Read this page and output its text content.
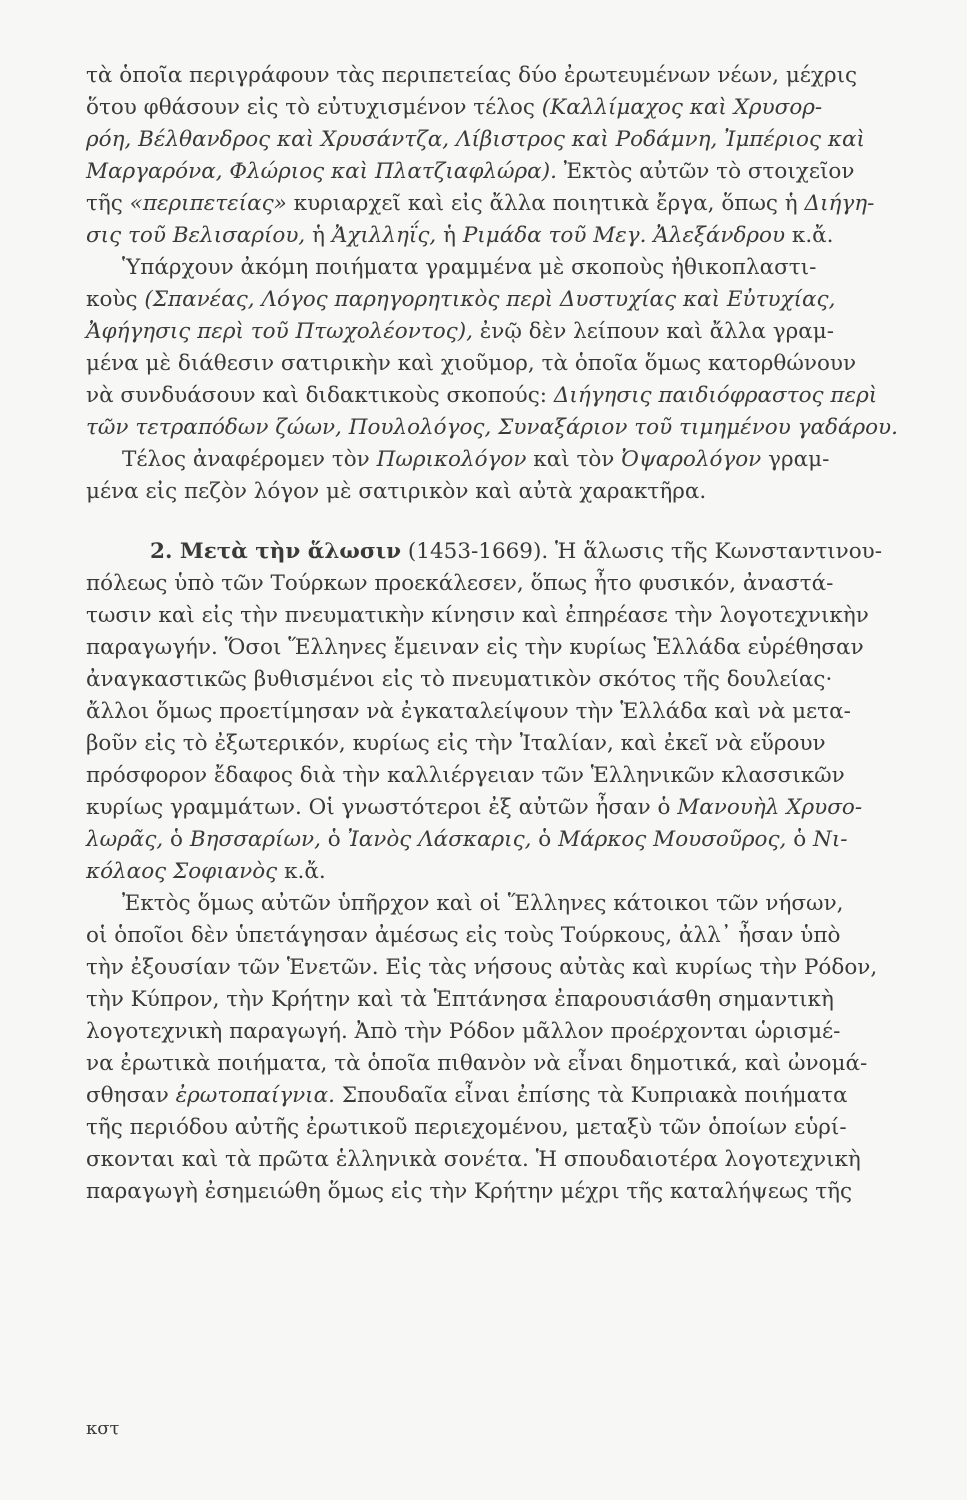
τὰ ὁποῖα περιγράφουν τὰς περιπετείας δύο ἐρωτευμένων νέων, μέχρις
ὅτου φθάσουν εἰς τὸ εὐτυχισμένον τέλος (Καλλίμαχος καὶ Χρυσορ-
ρόη, Βέλθανδρος καὶ Χρυσάντζα, Λίβιστρος καὶ Ροδάμνη, Ἰμπέριος καὶ
Μαργαρόνα, Φλώριος καὶ Πλατζιαφλώρα). Ἐκτὸς αὐτῶν τὸ στοιχεῖον
τῆς «περιπετείας» κυριαρχεῖ καὶ εἰς ἄλλα ποιητικὰ ἔργα, ὅπως ἡ Διήγη-
σις τοῦ Βελισαρίου, ἡ Ἀχιλληΐς, ἡ Ριμάδα τοῦ Μεγ. Ἀλεξάνδρου κ.ἄ.
Ὑπάρχουν ἀκόμη ποιήματα γραμμένα μὲ σκοποὺς ἠθικοπλαστι-
κοὺς (Σπανέας, Λόγος παρηγορητικὸς περὶ Δυστυχίας καὶ Εὐτυχίας,
Ἀφήγησις περὶ τοῦ Πτωχολέοντος), ἐνῷ δὲν λείπουν καὶ ἄλλα γραμ-
μένα μὲ διάθεσιν σατιρικὴν καὶ χιοῦμορ, τὰ ὁποῖα ὅμως κατορθώνουν
νὰ συνδυάσουν καὶ διδακτικοὺς σκοπούς: Διήγησις παιδιόφραστος περὶ
τῶν τετραπόδων ζώων, Πουλολόγος, Συναξάριον τοῦ τιμημένου γαδάρου.
Τέλος ἀναφέρομεν τὸν Πωρικολόγον καὶ τὸν Ὀψαρολόγον γραμ-
μένα εἰς πεζὸν λόγον μὲ σατιρικὸν καὶ αὐτὰ χαρακτῆρα.
2. Μετὰ τὴν ἅλωσιν (1453-1669). Ἡ ἅλωσις τῆς Κωνσταντινου-
πόλεως ὑπὸ τῶν Τούρκων προεκάλεσεν, ὅπως ἦτο φυσικόν, ἀναστά-
τωσιν καὶ εἰς τὴν πνευματικὴν κίνησιν καὶ ἐπηρέασε τὴν λογοτεχνικὴν
παραγωγήν. Ὅσοι Ἕλληνες ἔμειναν εἰς τὴν κυρίως Ἑλλάδα εὑρέθησαν
ἀναγκαστικῶς βυθισμένοι εἰς τὸ πνευματικὸν σκότος τῆς δουλείας·
ἄλλοι ὅμως προετίμησαν νὰ ἐγκαταλείψουν τὴν Ἑλλάδα καὶ νὰ μετα-
βοῦν εἰς τὸ ἐξωτερικόν, κυρίως εἰς τὴν Ἰταλίαν, καὶ ἐκεῖ νὰ εὕρουν
πρόσφορον ἔδαφος διὰ τὴν καλλιέργειαν τῶν Ἑλληνικῶν κλασσικῶν
κυρίως γραμμάτων. Οἱ γνωστότεροι ἐξ αὐτῶν ἦσαν ὁ Μανουὴλ Χρυσο-
λωρᾶς, ὁ Βησσαρίων, ὁ Ἰανὸς Λάσκαρις, ὁ Μάρκος Μουσοῦρος, ὁ Νι-
κόλαος Σοφιανὸς κ.ἄ.
Ἐκτὸς ὅμως αὐτῶν ὑπῆρχον καὶ οἱ Ἕλληνες κάτοικοι τῶν νήσων,
οἱ ὁποῖοι δὲν ὑπετάγησαν ἀμέσως εἰς τοὺς Τούρκους, ἀλλ᾽ ἦσαν ὑπὸ
τὴν ἐξουσίαν τῶν Ἑνετῶν. Εἰς τὰς νήσους αὐτὰς καὶ κυρίως τὴν Ρόδον,
τὴν Κύπρον, τὴν Κρήτην καὶ τὰ Ἑπτάνησα ἐπαρουσιάσθη σημαντικὴ
λογοτεχνικὴ παραγωγή. Ἀπὸ τὴν Ρόδον μᾶλλον προέρχονται ὡρισμέ-
να ἐρωτικὰ ποιήματα, τὰ ὁποῖα πιθανὸν νὰ εἶναι δημοτικά, καὶ ὠνομά-
σθησαν ἐρωτοπαίγνια. Σπουδαῖα εἶναι ἐπίσης τὰ Κυπριακὰ ποιήματα
τῆς περιόδου αὐτῆς ἐρωτικοῦ περιεχομένου, μεταξὺ τῶν ὁποίων εὑρί-
σκονται καὶ τὰ πρῶτα ἑλληνικὰ σονέτα. Ἡ σπουδαιοτέρα λογοτεχνικὴ
παραγωγὴ ἐσημειώθη ὅμως εἰς τὴν Κρήτην μέχρι τῆς καταλήψεως τῆς
κστ
